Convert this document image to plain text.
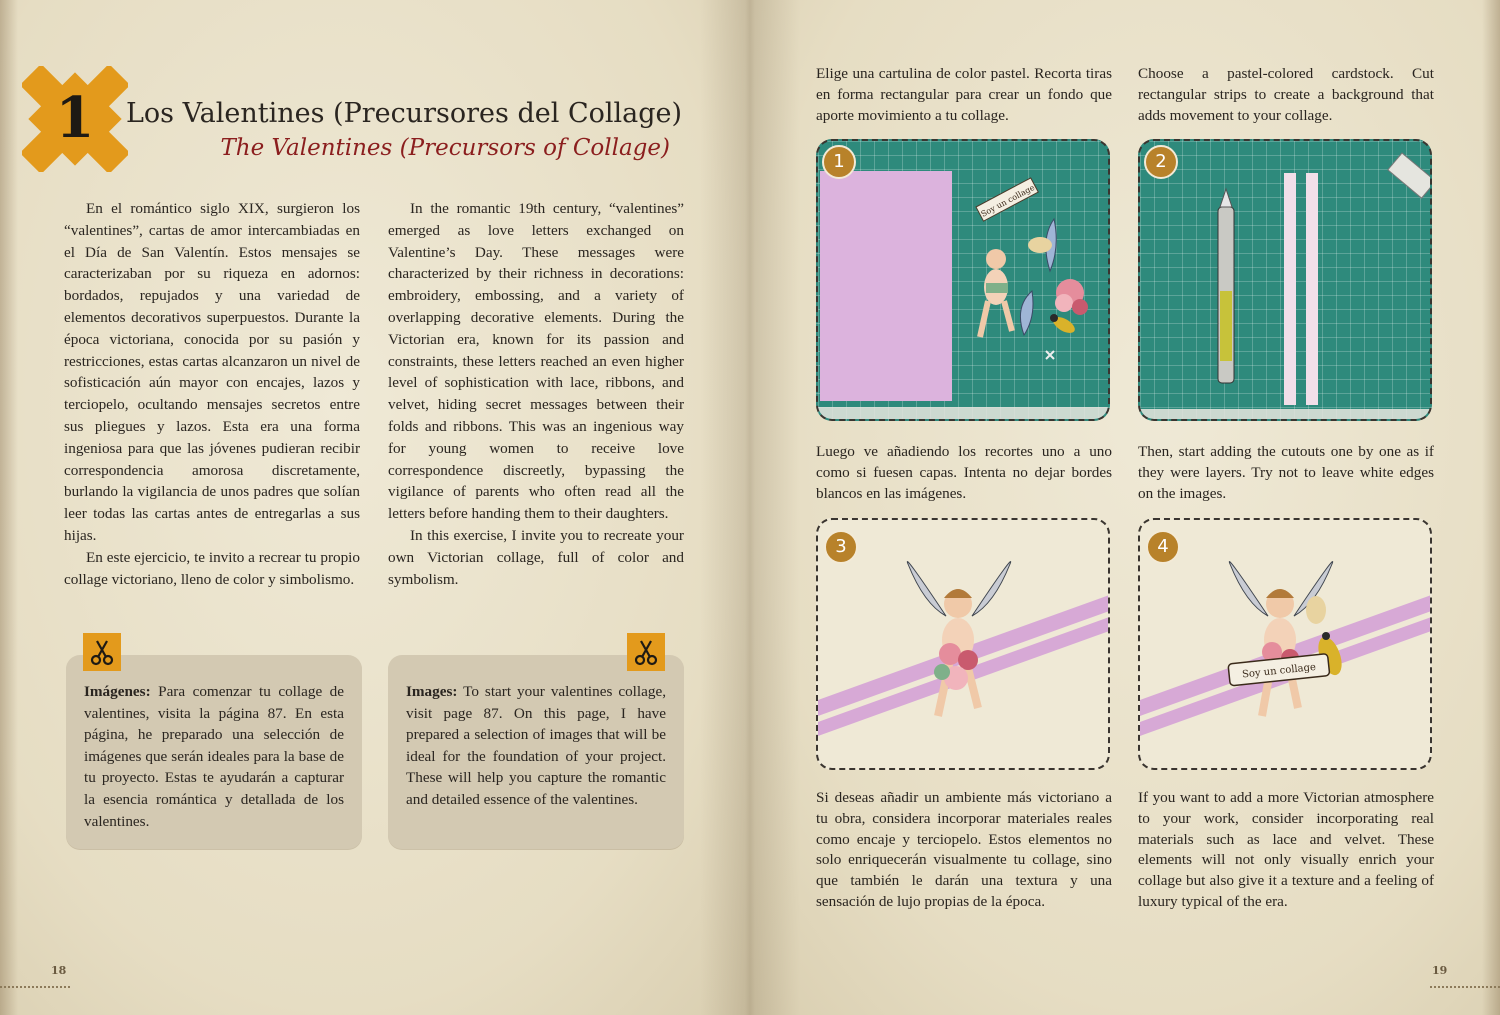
1	Los Valentines (Precursores del Collage)
The Valentines (Precursors of Collage)

En el romántico siglo XIX, surgieron los “valentines”, cartas de amor intercambiadas en el Día de San Valentín. Estos mensajes se caracterizaban por su riqueza en adornos: bordados, repujados y una variedad de elementos decorativos superpuestos. Durante la época victoriana, conocida por su pasión y restricciones, estas cartas alcanzaron un nivel de sofisticación aún mayor con encajes, lazos y terciopelo, ocultando mensajes secretos entre sus pliegues y lazos. Esta era una forma ingeniosa para que las jóvenes pudieran recibir correspondencia amorosa discretamente, burlando la vigilancia de unos padres que solían leer todas las cartas antes de entregarlas a sus hijas.

En este ejercicio, te invito a recrear tu propio collage victoriano, lleno de color y simbolismo.

In the romantic 19th century, “valentines” emerged as love letters exchanged on Valentine’s Day. These messages were characterized by their richness in decorations: embroidery, embossing, and a variety of overlapping decorative elements. During the Victorian era, known for its passion and constraints, these letters reached an even higher level of sophistication with lace, ribbons, and velvet, hiding secret messages between their folds and ribbons. This was an ingenious way for young women to receive love correspondence discreetly, bypassing the vigilance of parents who often read all the letters before handing them to their daughters.

In this exercise, I invite you to recreate your own Victorian collage, full of color and symbolism.

Imágenes: Para comenzar tu collage de valentines, visita la página 87. En esta página, he preparado una selección de imágenes que serán ideales para la base de tu proyecto. Estas te ayudarán a capturar la esencia romántica y detallada de los valentines.
Images: To start your valentines collage, visit page 87. On this page, I have prepared a selection of images that will be ideal for the foundation of your project. These will help you capture the romantic and detailed essence of the valentines.
18
Elige una cartulina de color pastel. Recorta tiras en forma rectangular para crear un fondo que aporte movimiento a tu collage.
Choose a pastel-colored cardstock. Cut rectangular strips to create a background that adds movement to your collage.
1
Soy un collage
2
Luego ve añadiendo los recortes uno a uno como si fuesen capas. Intenta no dejar bordes blancos en las imágenes.
Then, start adding the cutouts one by one as if they were layers. Try not to leave white edges on the images.
3	4
Soy un collage
Si deseas añadir un ambiente más victoriano a tu obra, considera incorporar materiales reales como encaje y terciopelo. Estos elementos no solo enriquecerán visualmente tu collage, sino que también le darán una textura y una sensación de lujo propias de la época.
If you want to add a more Victorian atmosphere to your work, consider incorporating real materials such as lace and velvet. These elements will not only visually enrich your collage but also give it a texture and a feeling of luxury typical of the era.
19
